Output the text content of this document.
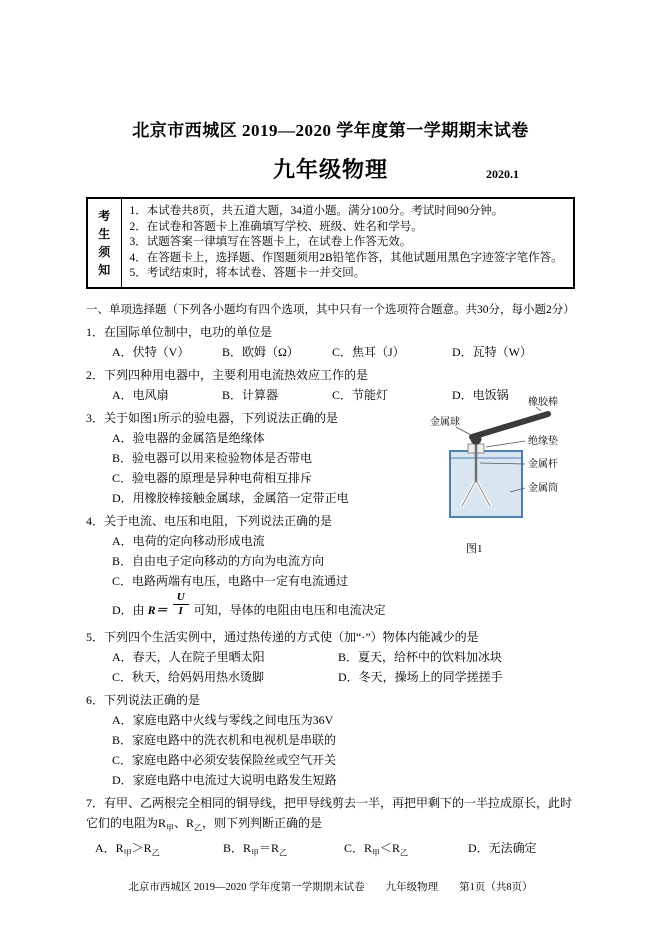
北京市西城区 2019—2020 学年度第一学期期末试卷
九年级物理	2020.1
考生须知	
1．本试卷共8页，共五道大题，34道小题。满分100分。考试时间90分钟。
2．在试卷和答题卡上准确填写学校、班级、姓名和学号。
3．试题答案一律填写在答题卡上，在试卷上作答无效。
4．在答题卡上，选择题、作图题须用2B铅笔作答，其他试题用黑色字迹签字笔作答。
5．考试结束时，将本试卷、答题卡一并交回。

一、单项选择题（下列各小题均有四个选项，其中只有一个选项符合题意。共30分，每小题2分）

1．在国际单位制中，电功的单位是

A．伏特（V）	B．欧姆（Ω）	C．焦耳（J）	D．瓦特（W）

2．下列四种用电器中，主要利用电流热效应工作的是

A．电风扇	B．计算器	C．节能灯	D．电饭锅

3．关于如图1所示的验电器，下列说法正确的是

A．验电器的金属箔是绝缘体
B．验电器可以用来检验物体是否带电
C．验电器的原理是异种电荷相互排斥
D．用橡胶棒接触金属球，金属箔一定带正电

4．关于电流、电压和电阻，下列说法正确的是

A．电荷的定向移动形成电流
B．自由电子定向移动的方向为电流方向
C．电路两端有电压，电路中一定有电流通过
D．由 $R= \frac{U}{I}$ 可知，导体的电阻由电压和电流决定

5．下列四个生活实例中，通过热传递的方式使（加“·”）物体内能减少的是

A．春天，人在院子里晒太阳	B．夏天，给杯中的饮料加冰块
C．秋天，给妈妈用热水烫脚	D．冬天，操场上的同学搓搓手

6．下列说法正确的是

A．家庭电路中火线与零线之间电压为36V
B．家庭电路中的洗衣机和电视机是串联的
C．家庭电路中必须安装保险丝或空气开关
D．家庭电路中电流过大说明电路发生短路

7．有甲、乙两根完全相同的铜导线，把甲导线剪去一半，再把甲剩下的一半拉成原长，此时它们的电阻为$R_甲$、$R_乙$，则下列判断正确的是

A．$R_甲>R_乙$	B．$R_甲=R_乙$	C．$R_甲<R_乙$	D．无法确定

北京市西城区 2019—2020 学年度第一学期期末试卷　　九年级物理　　第1页（共8页）

橡胶棒
金属球
绝缘垫
金属杆
金属筒
图1
